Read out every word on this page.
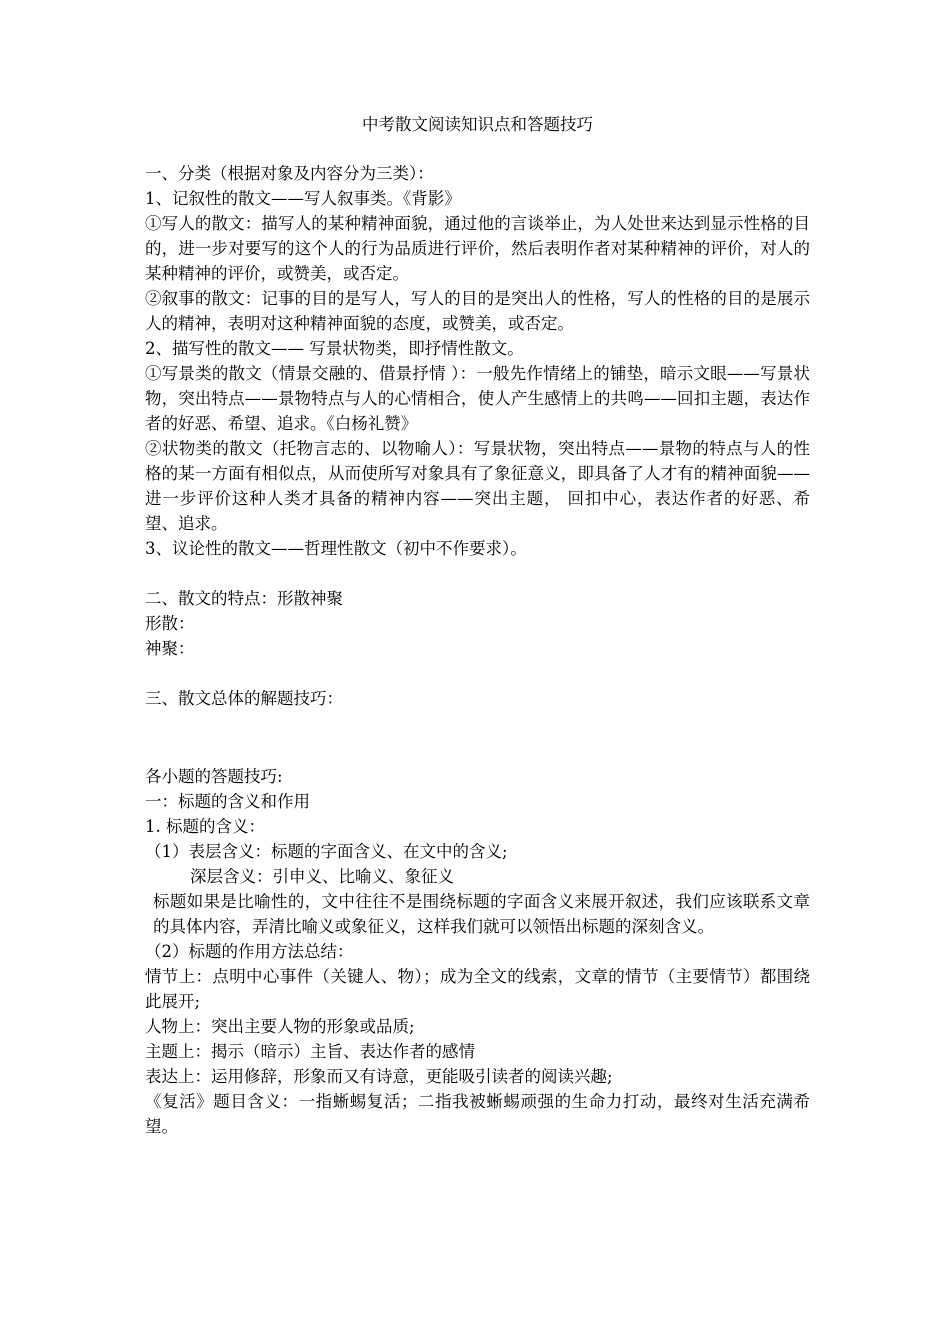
中考散文阅读知识点和答题技巧

一、分类（根据对象及内容分为三类）：

1、记叙性的散文——写人叙事类。《背影》

①写人的散文：描写人的某种精神面貌，通过他的言谈举止，为人处世来达到显示性格的目的，进一步对要写的这个人的行为品质进行评价，然后表明作者对某种精神的评价，对人的某种精神的评价，或赞美，或否定。

②叙事的散文：记事的目的是写人，写人的目的是突出人的性格，写人的性格的目的是展示人的精神，表明对这种精神面貌的态度，或赞美，或否定。

2、描写性的散文—— 写景状物类，即抒情性散文。

①写景类的散文（情景交融的、借景抒情 ）：一般先作情绪上的铺垫，暗示文眼——写景状物，突出特点——景物特点与人的心情相合，使人产生感情上的共鸣——回扣主题，表达作者的好恶、希望、追求。《白杨礼赞》

②状物类的散文（托物言志的、以物喻人）：写景状物，突出特点——景物的特点与人的性格的某一方面有相似点，从而使所写对象具有了象征意义，即具备了人才有的精神面貌——进一步评价这种人类才具备的精神内容——突出主题， 回扣中心，表达作者的好恶、希望、追求。

3、议论性的散文——哲理性散文（初中不作要求）。

二、散文的特点：形散神聚

形散：

神聚：

三、散文总体的解题技巧：

各小题的答题技巧:

一：标题的含义和作用

1. 标题的含义：

（1）表层含义：标题的字面含义、在文中的含义;

深层含义：引申义、比喻义、象征义

标题如果是比喻性的，文中往往不是围绕标题的字面含义来展开叙述，我们应该联系文章的具体内容，弄清比喻义或象征义，这样我们就可以领悟出标题的深刻含义。

（2）标题的作用方法总结：

情节上：点明中心事件（关键人、物）；成为全文的线索，文章的情节（主要情节）都围绕此展开;

人物上：突出主要人物的形象或品质;

主题上：揭示（暗示）主旨、表达作者的感情

表达上：运用修辞，形象而又有诗意，更能吸引读者的阅读兴趣;

《复活》题目含义：一指蜥蜴复活；二指我被蜥蜴顽强的生命力打动，最终对生活充满希望。
